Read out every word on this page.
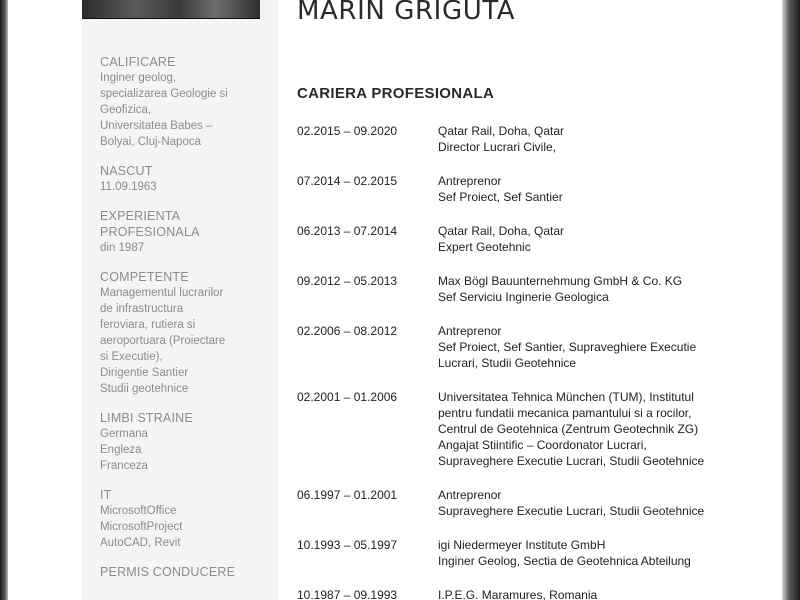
CALIFICARE
Inginer geolog,
specializarea Geologie si
Geofizica,
Universitatea Babes –
Bolyai, Cluj-Napoca
NASCUT
11.09.1963
EXPERIENTA
PROFESIONALA
din 1987
COMPETENTE
Managementul lucrarilor
de infrastructura
feroviara, rutiera si
aeroportuara (Proiectare
si Executie),
Dirigentie Santier
Studii geotehnice
LIMBI STRAINE
Germana
Engleza
Franceza
IT
MicrosoftOffice
MicrosoftProject
AutoCAD, Revit
PERMIS CONDUCERE
MARIN GRIGUTA
CARIERA PROFESIONALA
02.2015 – 09.2020	Qatar Rail, Doha, Qatar
Director Lucrari Civile,
07.2014 – 02.2015	Antreprenor
Sef Proiect, Sef Santier
06.2013 – 07.2014	Qatar Rail, Doha, Qatar
Expert Geotehnic
09.2012 – 05.2013	Max Bögl Bauunternehmung GmbH & Co. KG
Sef Serviciu Inginerie Geologica
02.2006 – 08.2012	Antreprenor
Sef Proiect, Sef Santier, Supraveghiere Executie
Lucrari, Studii Geotehnice
02.2001 – 01.2006	Universitatea Tehnica München (TUM), Institutul
pentru fundatii mecanica pamantului si a rocilor,
Centrul de Geotehnica (Zentrum Geotechnik ZG)
Angajat Stiintific – Coordonator Lucrari,
Supraveghere Executie Lucrari, Studii Geotehnice
06.1997 – 01.2001	Antreprenor
Supraveghere Executie Lucrari, Studii Geotehnice
10.1993 – 05.1997	igi Niedermeyer Institute GmbH
Inginer Geolog, Sectia de Geotehnica Abteilung
10.1987 – 09.1993	I.P.E.G. Maramures, Romania
